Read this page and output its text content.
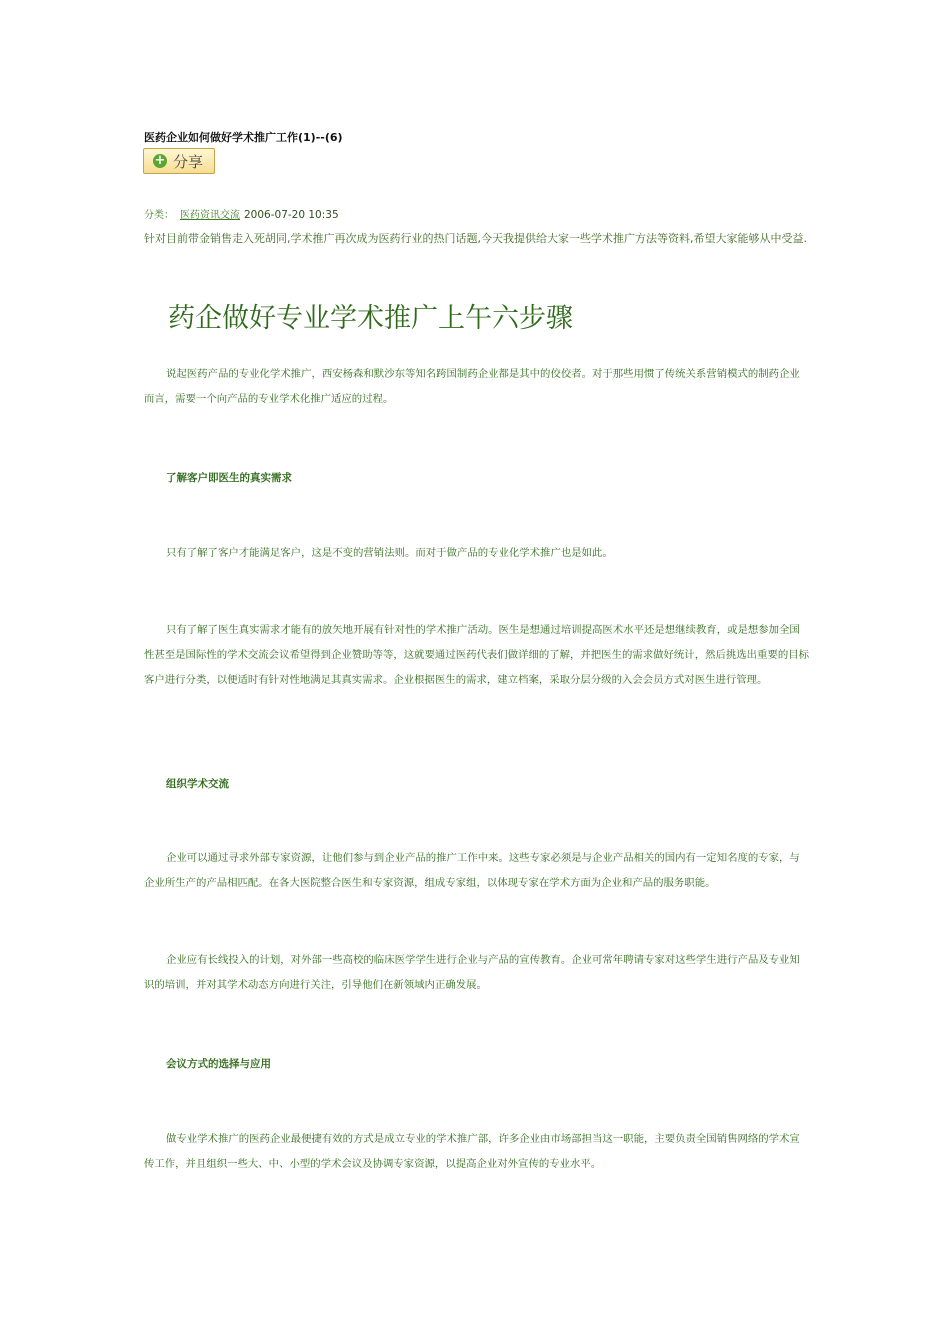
医药企业如何做好学术推广工作(1)--(6)
+ 分享
分类： 医药资讯交流 2006-07-20 10:35

针对目前带金销售走入死胡同,学术推广再次成为医药行业的热门话题,今天我提供给大家一些学术推广方法等资料,希望大家能够从中受益.

药企做好专业学术推广上午六步骤

说起医药产品的专业化学术推广，西安杨森和默沙东等知名跨国制药企业都是其中的佼佼者。对于那些用惯了传统关系营销模式的制药企业而言，需要一个向产品的专业学术化推广适应的过程。

了解客户即医生的真实需求

只有了解了客户才能满足客户，这是不变的营销法则。而对于做产品的专业化学术推广也是如此。

只有了解了医生真实需求才能有的放矢地开展有针对性的学术推广活动。医生是想通过培训提高医术水平还是想继续教育，或是想参加全国性甚至是国际性的学术交流会议希望得到企业赞助等等，这就要通过医药代表们做详细的了解，并把医生的需求做好统计，然后挑选出重要的目标客户进行分类，以便适时有针对性地满足其真实需求。企业根据医生的需求，建立档案，采取分层分级的入会会员方式对医生进行管理。

组织学术交流

企业可以通过寻求外部专家资源，让他们参与到企业产品的推广工作中来。这些专家必须是与企业产品相关的国内有一定知名度的专家，与企业所生产的产品相匹配。在各大医院整合医生和专家资源，组成专家组，以体现专家在学术方面为企业和产品的服务职能。

企业应有长线投入的计划，对外部一些高校的临床医学学生进行企业与产品的宣传教育。企业可常年聘请专家对这些学生进行产品及专业知识的培训，并对其学术动态方向进行关注，引导他们在新领域内正确发展。

会议方式的选择与应用

做专业学术推广的医药企业最便捷有效的方式是成立专业的学术推广部，许多企业由市场部担当这一职能，主要负责全国销售网络的学术宣传工作，并且组织一些大、中、小型的学术会议及协调专家资源，以提高企业对外宣传的专业水平。
